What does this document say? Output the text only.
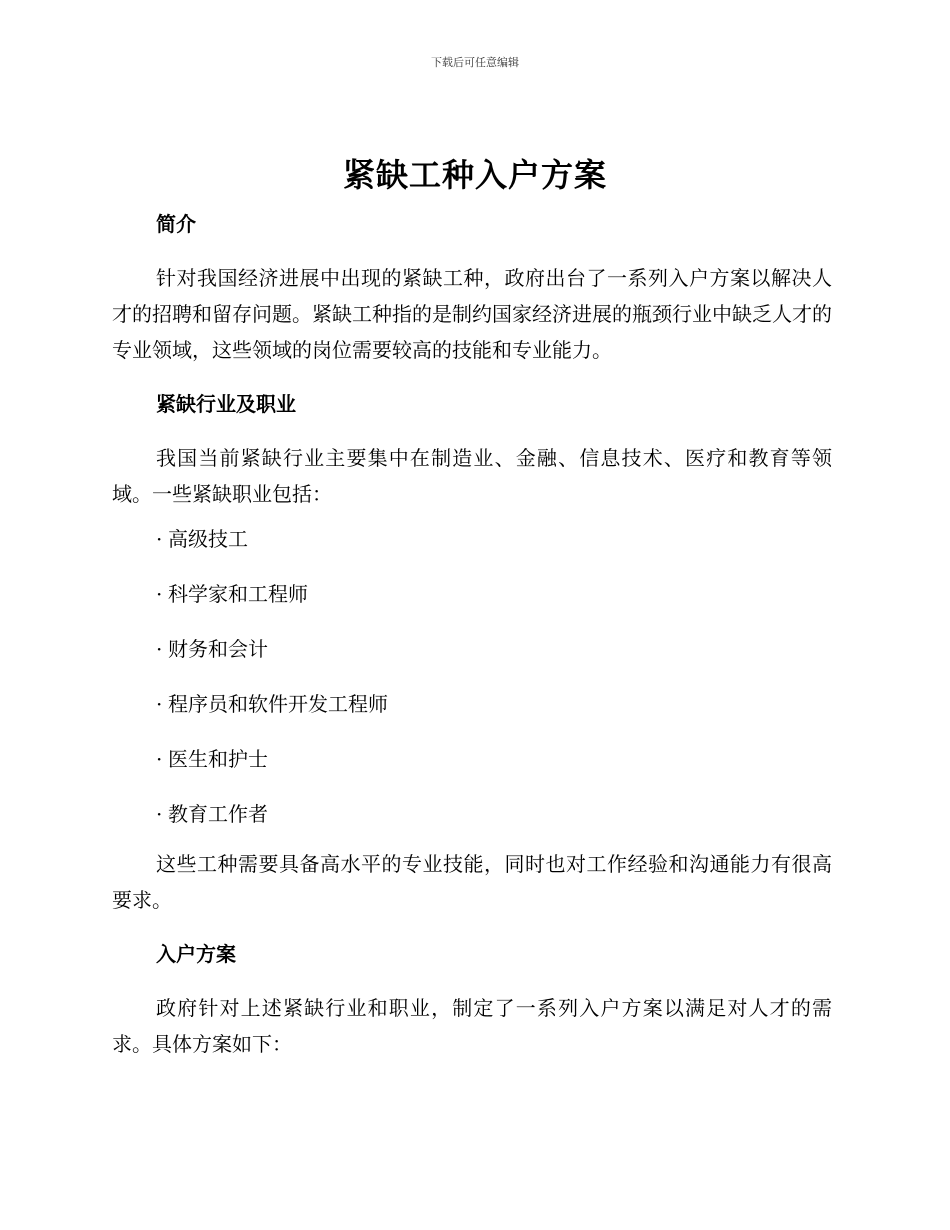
下载后可任意编辑
紧缺工种入户方案
简介

针对我国经济进展中出现的紧缺工种，政府出台了一系列入户方案以解决人才的招聘和留存问题。紧缺工种指的是制约国家经济进展的瓶颈行业中缺乏人才的专业领域，这些领域的岗位需要较高的技能和专业能力。

紧缺行业及职业

我国当前紧缺行业主要集中在制造业、金融、信息技术、医疗和教育等领域。一些紧缺职业包括：

· 高级技工
· 科学家和工程师
· 财务和会计
· 程序员和软件开发工程师
· 医生和护士
· 教育工作者

这些工种需要具备高水平的专业技能，同时也对工作经验和沟通能力有很高要求。

入户方案

政府针对上述紧缺行业和职业，制定了一系列入户方案以满足对人才的需求。具体方案如下：
